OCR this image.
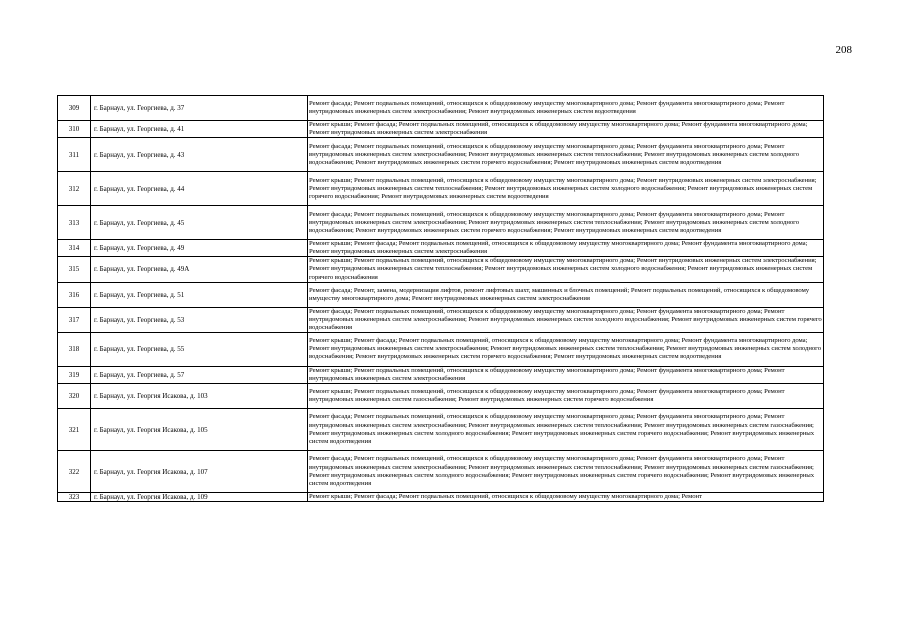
208
309	г. Барнаул, ул. Георгиева, д. 37	Ремонт фасада; Ремонт подвальных помещений, относящихся к общедомовому имуществу многоквартирного дома; Ремонт фундамента многоквартирного дома; Ремонт внутридомовых инженерных систем электроснабжения; Ремонт внутридомовых инженерных систем водоотведения
310	г. Барнаул, ул. Георгиева, д. 41	Ремонт крыши; Ремонт фасада; Ремонт подвальных помещений, относящихся к общедомовому имуществу многоквартирного дома; Ремонт фундамента многоквартирного дома; Ремонт внутридомовых инженерных систем электроснабжения
311	г. Барнаул, ул. Георгиева, д. 43	Ремонт фасада; Ремонт подвальных помещений, относящихся к общедомовому имуществу многоквартирного дома; Ремонт фундамента многоквартирного дома; Ремонт внутридомовых инженерных систем электроснабжения; Ремонт внутридомовых инженерных систем теплоснабжения; Ремонт внутридомовых инженерных систем холодного водоснабжения; Ремонт внутридомовых инженерных систем горячего водоснабжения; Ремонт внутридомовых инженерных систем водоотведения
312	г. Барнаул, ул. Георгиева, д. 44	Ремонт крыши; Ремонт подвальных помещений, относящихся к общедомовому имуществу многоквартирного дома; Ремонт внутридомовых инженерных систем электроснабжения; Ремонт внутридомовых инженерных систем теплоснабжения; Ремонт внутридомовых инженерных систем холодного водоснабжения; Ремонт внутридомовых инженерных систем горячего водоснабжения; Ремонт внутридомовых инженерных систем водоотведения
313	г. Барнаул, ул. Георгиева, д. 45	Ремонт фасада; Ремонт подвальных помещений, относящихся к общедомовому имуществу многоквартирного дома; Ремонт фундамента многоквартирного дома; Ремонт внутридомовых инженерных систем электроснабжения; Ремонт внутридомовых инженерных систем теплоснабжения; Ремонт внутридомовых инженерных систем холодного водоснабжения; Ремонт внутридомовых инженерных систем горячего водоснабжения; Ремонт внутридомовых инженерных систем водоотведения
314	г. Барнаул, ул. Георгиева, д. 49	Ремонт крыши; Ремонт фасада; Ремонт подвальных помещений, относящихся к общедомовому имуществу многоквартирного дома; Ремонт фундамента многоквартирного дома; Ремонт внутридомовых инженерных систем электроснабжения
315	г. Барнаул, ул. Георгиева, д. 49А	Ремонт крыши; Ремонт подвальных помещений, относящихся к общедомовому имуществу многоквартирного дома; Ремонт внутридомовых инженерных систем электроснабжения; Ремонт внутридомовых инженерных систем теплоснабжения; Ремонт внутридомовых инженерных систем холодного водоснабжения; Ремонт внутридомовых инженерных систем горячего водоснабжения
316	г. Барнаул, ул. Георгиева, д. 51	Ремонт фасада; Ремонт, замена, модернизация лифтов, ремонт лифтовых шахт, машинных и блочных помещений; Ремонт подвальных помещений, относящихся к общедомовому имуществу многоквартирного дома; Ремонт внутридомовых инженерных систем электроснабжения
317	г. Барнаул, ул. Георгиева, д. 53	Ремонт фасада; Ремонт подвальных помещений, относящихся к общедомовому имуществу многоквартирного дома; Ремонт фундамента многоквартирного дома; Ремонт внутридомовых инженерных систем электроснабжения; Ремонт внутридомовых инженерных систем холодного водоснабжения; Ремонт внутридомовых инженерных систем горячего водоснабжения
318	г. Барнаул, ул. Георгиева, д. 55	Ремонт крыши; Ремонт фасада; Ремонт подвальных помещений, относящихся к общедомовому имуществу многоквартирного дома; Ремонт фундамента многоквартирного дома; Ремонт внутридомовых инженерных систем электроснабжения; Ремонт внутридомовых инженерных систем теплоснабжения; Ремонт внутридомовых инженерных систем холодного водоснабжения; Ремонт внутридомовых инженерных систем горячего водоснабжения; Ремонт внутридомовых инженерных систем водоотведения
319	г. Барнаул, ул. Георгиева, д. 57	Ремонт крыши; Ремонт подвальных помещений, относящихся к общедомовому имуществу многоквартирного дома; Ремонт фундамента многоквартирного дома; Ремонт внутридомовых инженерных систем электроснабжения
320	г. Барнаул, ул. Георгия Исакова, д. 103	Ремонт крыши; Ремонт подвальных помещений, относящихся к общедомовому имуществу многоквартирного дома; Ремонт фундамента многоквартирного дома; Ремонт внутридомовых инженерных систем газоснабжения; Ремонт внутридомовых инженерных систем горячего водоснабжения
321	г. Барнаул, ул. Георгия Исакова, д. 105	Ремонт фасада; Ремонт подвальных помещений, относящихся к общедомовому имуществу многоквартирного дома; Ремонт фундамента многоквартирного дома; Ремонт внутридомовых инженерных систем электроснабжения; Ремонт внутридомовых инженерных систем теплоснабжения; Ремонт внутридомовых инженерных систем газоснабжения; Ремонт внутридомовых инженерных систем холодного водоснабжения; Ремонт внутридомовых инженерных систем горячего водоснабжения; Ремонт внутридомовых инженерных систем водоотведения
322	г. Барнаул, ул. Георгия Исакова, д. 107	Ремонт фасада; Ремонт подвальных помещений, относящихся к общедомовому имуществу многоквартирного дома; Ремонт фундамента многоквартирного дома; Ремонт внутридомовых инженерных систем электроснабжения; Ремонт внутридомовых инженерных систем теплоснабжения; Ремонт внутридомовых инженерных систем газоснабжения; Ремонт внутридомовых инженерных систем холодного водоснабжения; Ремонт внутридомовых инженерных систем горячего водоснабжения; Ремонт внутридомовых инженерных систем водоотведения
323	г. Барнаул, ул. Георгия Исакова, д. 109	Ремонт крыши; Ремонт фасада; Ремонт подвальных помещений, относящихся к общедомовому имуществу многоквартирного дома; Ремонт
